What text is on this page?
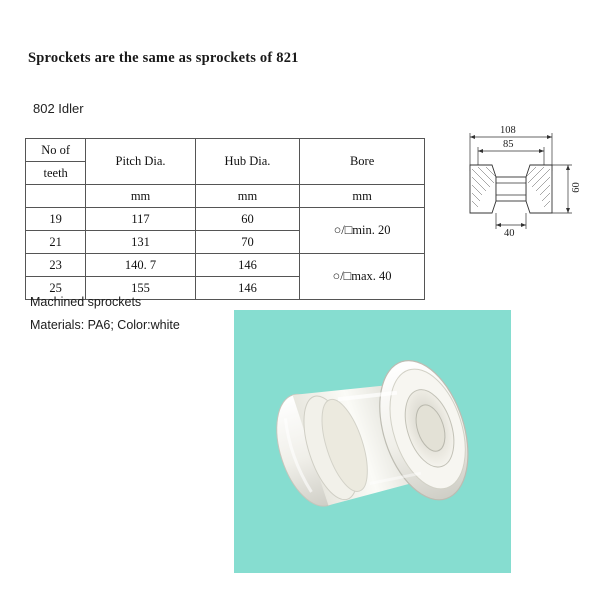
Sprockets are the same as sprockets of 821
802 Idler
No of	Pitch Dia.	Hub Dia.	Bore
teeth			
	mm	mm	mm
19	117	60	○/□min. 20
21	131	70	
23	140. 7	146	○/□max. 40
25	155	146	
Machined sprockets
Materials: PA6; Color:white
108
85
40
60
